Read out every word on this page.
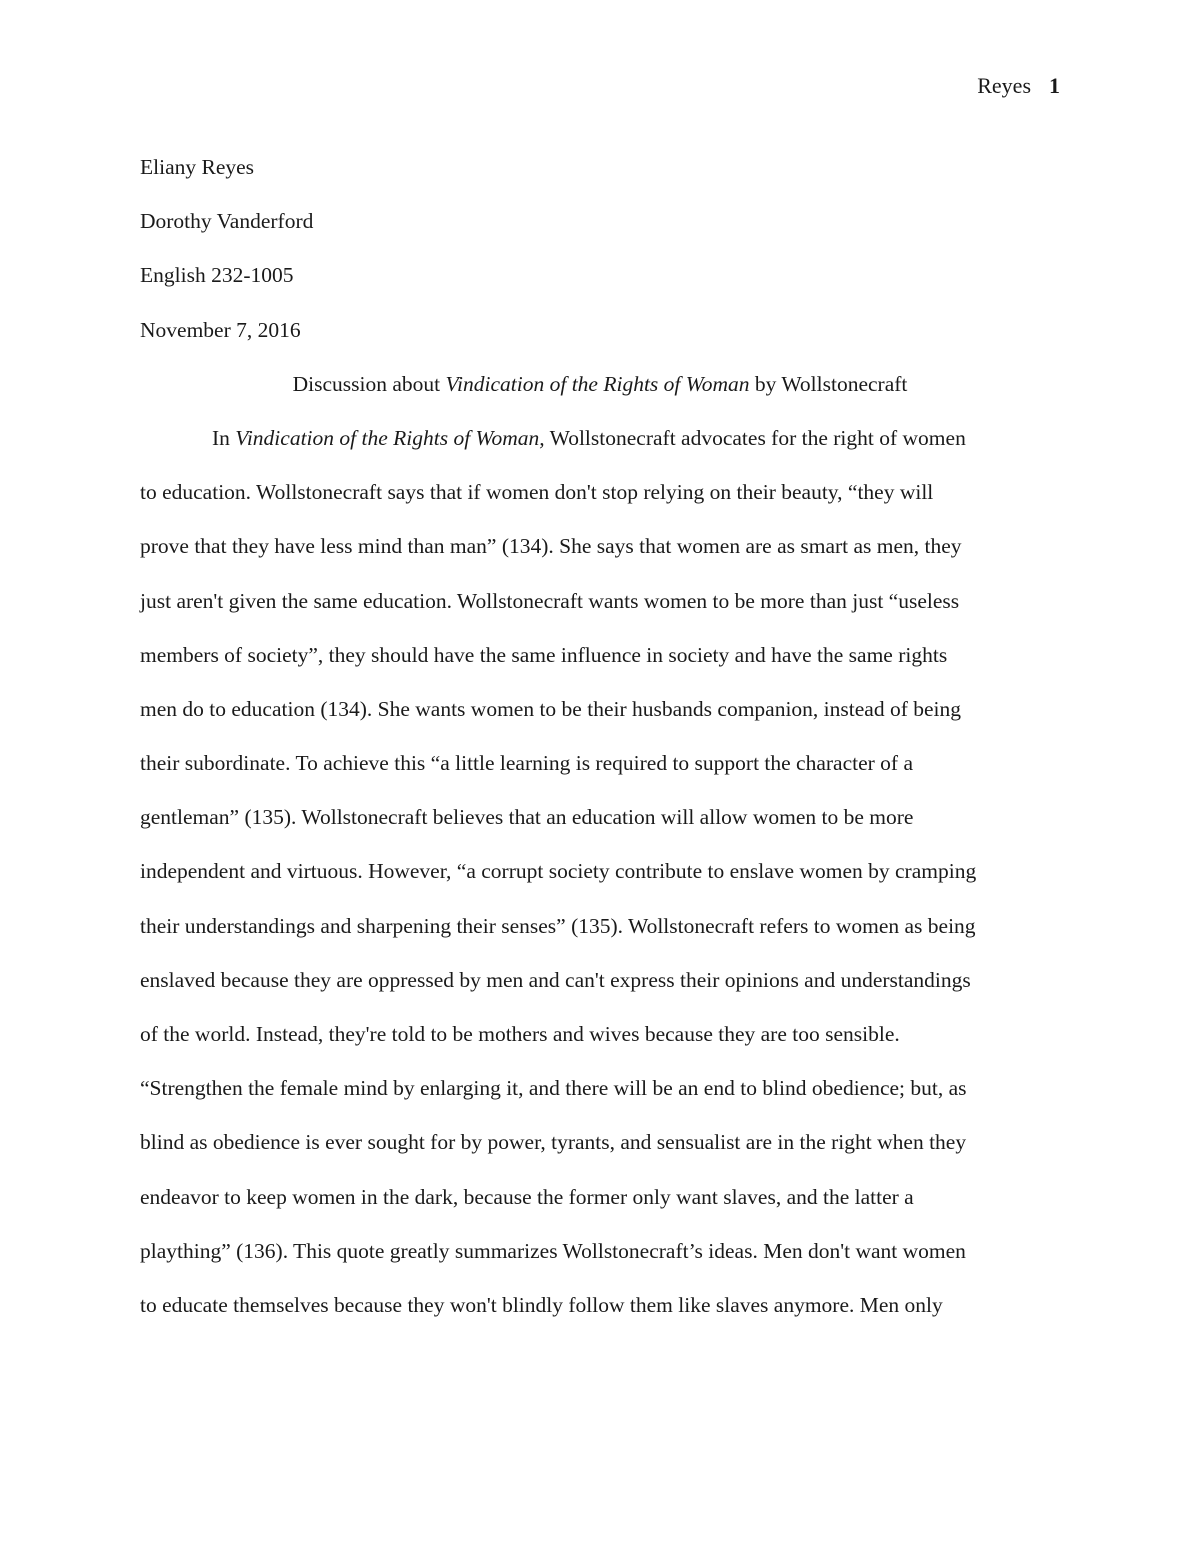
Reyes 1
Eliany Reyes
Dorothy Vanderford
English 232-1005
November 7, 2016
Discussion about Vindication of the Rights of Woman by Wollstonecraft
In Vindication of the Rights of Woman, Wollstonecraft advocates for the right of women
to education. Wollstonecraft says that if women don't stop relying on their beauty, “they will
prove that they have less mind than man” (134). She says that women are as smart as men, they
just aren't given the same education. Wollstonecraft wants women to be more than just “useless
members of society”, they should have the same influence in society and have the same rights
men do to education (134). She wants women to be their husbands companion, instead of being
their subordinate. To achieve this “a little learning is required to support the character of a
gentleman” (135). Wollstonecraft believes that an education will allow women to be more
independent and virtuous. However, “a corrupt society contribute to enslave women by cramping
their understandings and sharpening their senses” (135). Wollstonecraft refers to women as being
enslaved because they are oppressed by men and can't express their opinions and understandings
of the world. Instead, they're told to be mothers and wives because they are too sensible.
“Strengthen the female mind by enlarging it, and there will be an end to blind obedience; but, as
blind as obedience is ever sought for by power, tyrants, and sensualist are in the right when they
endeavor to keep women in the dark, because the former only want slaves, and the latter a
plaything” (136). This quote greatly summarizes Wollstonecraft’s ideas. Men don't want women
to educate themselves because they won't blindly follow them like slaves anymore. Men only
